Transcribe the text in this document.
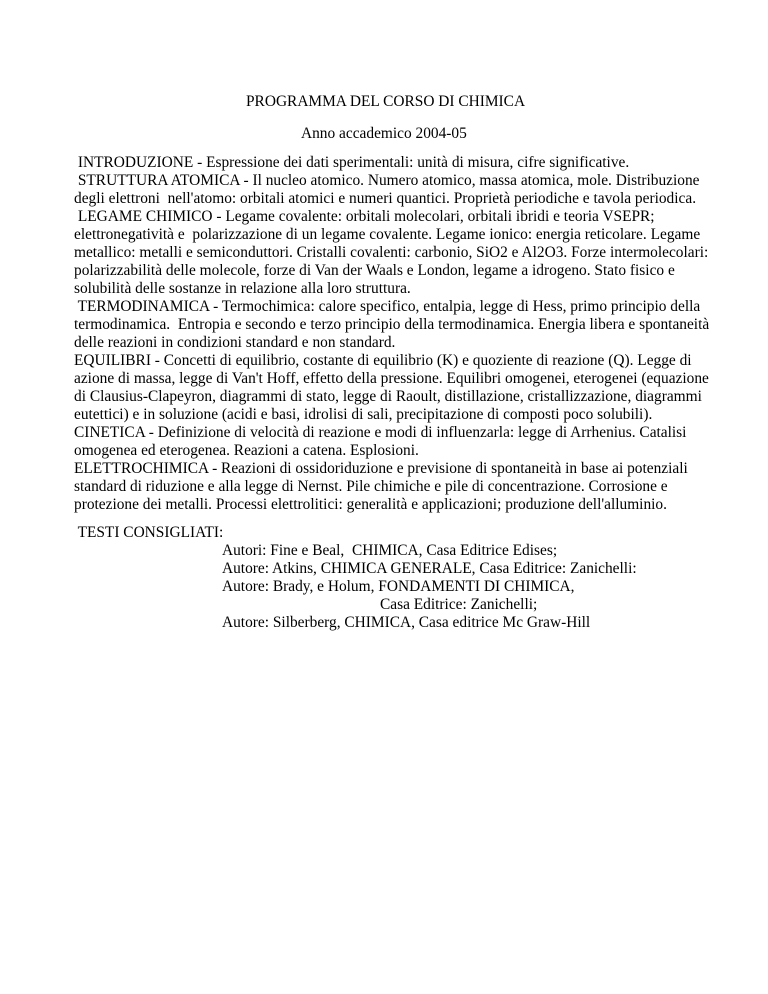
PROGRAMMA DEL CORSO DI CHIMICA
Anno accademico 2004-05
INTRODUZIONE - Espressione dei dati sperimentali: unità di misura, cifre significative.
STRUTTURA ATOMICA - Il nucleo atomico. Numero atomico, massa atomica, mole. Distribuzione
degli elettroni  nell'atomo: orbitali atomici e numeri quantici. Proprietà periodiche e tavola periodica.
LEGAME CHIMICO - Legame covalente: orbitali molecolari, orbitali ibridi e teoria VSEPR;
elettronegatività e  polarizzazione di un legame covalente. Legame ionico: energia reticolare. Legame
metallico: metalli e semiconduttori. Cristalli covalenti: carbonio, SiO2 e Al2O3. Forze intermolecolari:
polarizzabilità delle molecole, forze di Van der Waals e London, legame a idrogeno. Stato fisico e
solubilità delle sostanze in relazione alla loro struttura.
TERMODINAMICA - Termochimica: calore specifico, entalpia, legge di Hess, primo principio della
termodinamica.  Entropia e secondo e terzo principio della termodinamica. Energia libera e spontaneità
delle reazioni in condizioni standard e non standard.
EQUILIBRI - Concetti di equilibrio, costante di equilibrio (K) e quoziente di reazione (Q). Legge di
azione di massa, legge di Van't Hoff, effetto della pressione. Equilibri omogenei, eterogenei (equazione
di Clausius-Clapeyron, diagrammi di stato, legge di Raoult, distillazione, cristallizzazione, diagrammi
eutettici) e in soluzione (acidi e basi, idrolisi di sali, precipitazione di composti poco solubili).
CINETICA - Definizione di velocità di reazione e modi di influenzarla: legge di Arrhenius. Catalisi
omogenea ed eterogenea. Reazioni a catena. Esplosioni.
ELETTROCHIMICA - Reazioni di ossidoriduzione e previsione di spontaneità in base ai potenziali
standard di riduzione e alla legge di Nernst. Pile chimiche e pile di concentrazione. Corrosione e
protezione dei metalli. Processi elettrolitici: generalità e applicazioni; produzione dell'alluminio.
TESTI CONSIGLIATI:
Autori: Fine e Beal,  CHIMICA, Casa Editrice Edises;
Autore: Atkins, CHIMICA GENERALE, Casa Editrice: Zanichelli:
Autore: Brady, e Holum, FONDAMENTI DI CHIMICA,
Casa Editrice: Zanichelli;
Autore: Silberberg, CHIMICA, Casa editrice Mc Graw-Hill
